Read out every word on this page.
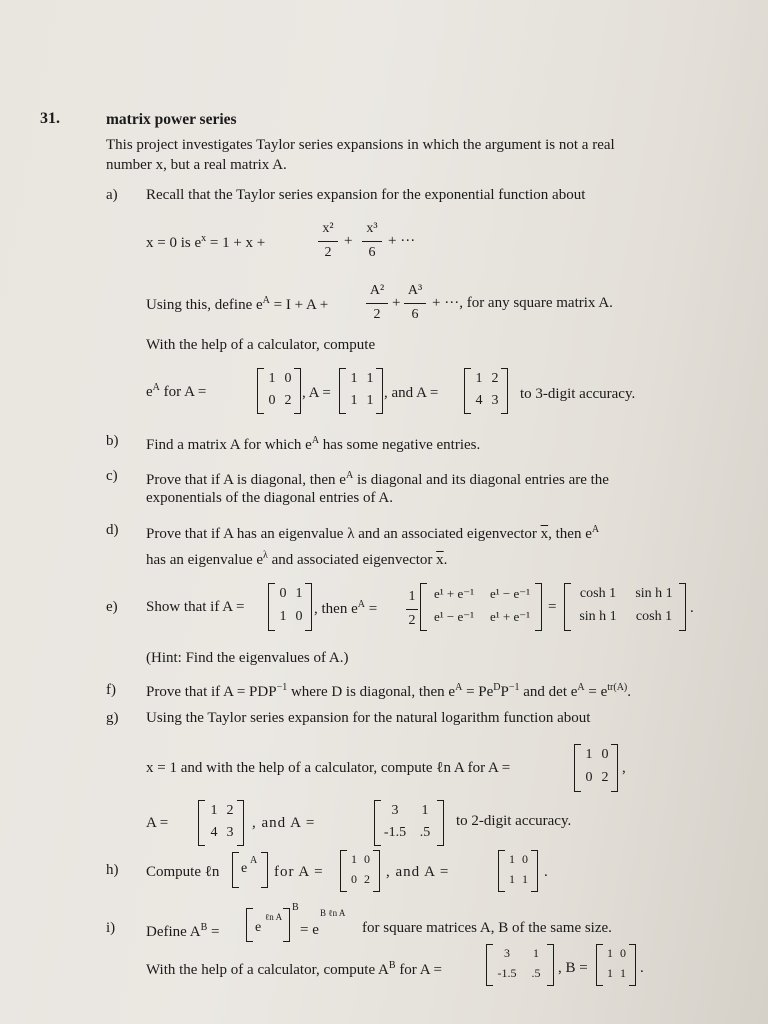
31.	matrix power series
This project investigates Taylor series expansions in which the argument is not a real
number x, but a real matrix A.
a) Recall that the Taylor series expansion for the exponential function about
x = 0 is $e^x = 1 + x$ +
x²
2
+
x³
6
+ ···
Using this, define $e^A = I + A$ +
A²
2
+
A³
6
+ ···, for any square matrix A.
With the help of a calculator, compute
$e^A$ for A =
1 0
0 2 , A =
1 1
1 1 , and A =
1 2
4 3 to 3-digit accuracy.
b) Find a matrix A for which $e^A$ has some negative entries.
c) Prove that if A is diagonal, then $e^A$ is diagonal and its diagonal entries are the
exponentials of the diagonal entries of A.
d) Prove that if A has an eigenvalue λ and an associated eigenvector $\overline{x}$, then $e^A$
has an eigenvalue $e^\lambda$ and associated eigenvector $\overline{x}$.
e) Show that if A =
0 1
1 0 , then $e^A$ =
1
2
e¹ + e⁻¹	e¹ − e⁻¹
e¹ − e⁻¹	e¹ + e⁻¹
=
cosh 1	sin h 1
sin h 1	cosh 1
.
(Hint: Find the eigenvalues of A.)
f) Prove that if $A = PDP^{-1}$ where D is diagonal, then $e^A = Pe^DP^{-1}$ and $\det e^A = e^{tr(A)}$.
g) Using the Taylor series expansion for the natural logarithm function about
x = 1 and with the help of a calculator, compute ℓn A for A =
1 0
0 2
,
A =
1 2
4 3
, and A =
3	1
-1.5 .5
to 2-digit accuracy.
h) Compute ℓn e
A
for A =
1 0
0 2 , and A =
1 0
1 1 .
i) Define $A^B$ =	e
ℓn A
B
= e
B ℓn A
for square matrices A, B of the same size.
With the help of a calculator, compute $A^B$ for A =
3	1
-1.5	.5	, B =
1 0
1 1 .
